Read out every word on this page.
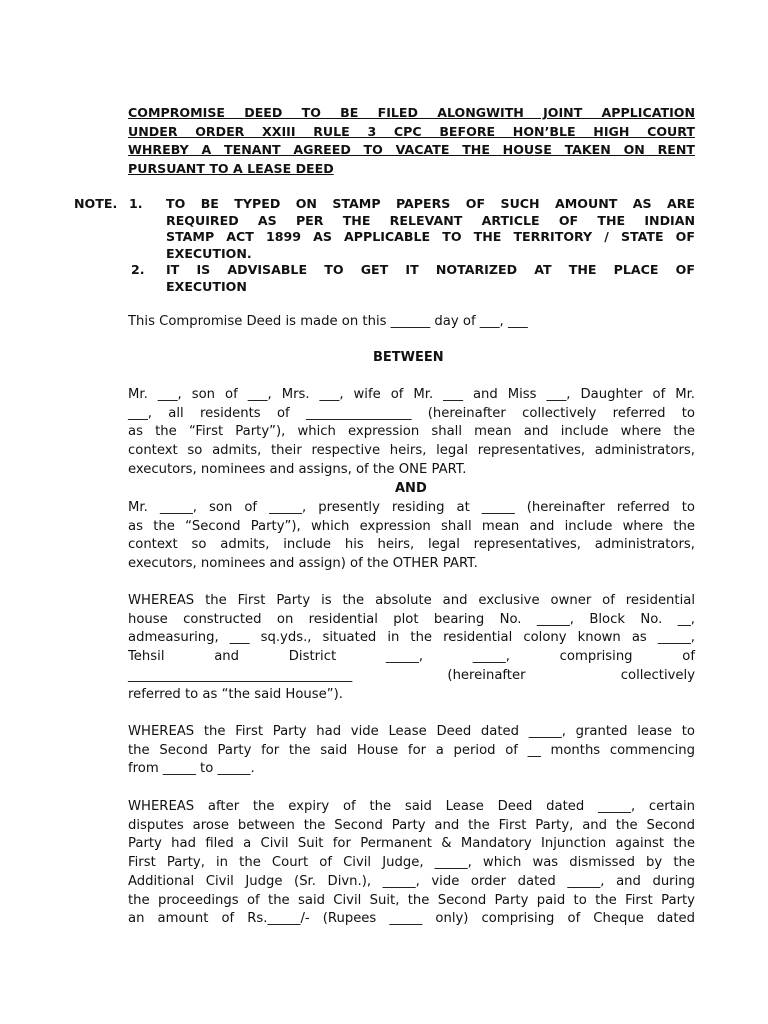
COMPROMISE DEED TO BE FILED ALONGWITH JOINT APPLICATION
UNDER ORDER XXIII RULE 3 CPC BEFORE HON’BLE HIGH COURT
WHREBY A TENANT AGREED TO VACATE THE HOUSE TAKEN ON RENT
PURSUANT TO A LEASE DEED
NOTE. 1. TO BE TYPED ON STAMP PAPERS OF SUCH AMOUNT AS ARE
REQUIRED AS PER THE RELEVANT ARTICLE OF THE INDIAN
STAMP ACT 1899 AS APPLICABLE TO THE TERRITORY / STATE OF
EXECUTION.
2. IT IS ADVISABLE TO GET IT NOTARIZED AT THE PLACE OF
EXECUTION
This Compromise Deed is made on this ______ day of ___, ___
BETWEEN
Mr. ___, son of ___, Mrs. ___, wife of Mr. ___ and Miss ___, Daughter of Mr.
___, all residents of ________________ (hereinafter collectively referred to
as the “First Party”), which expression shall mean and include where the
context so admits, their respective heirs, legal representatives, administrators,
executors, nominees and assigns, of the ONE PART.
AND
Mr. _____, son of _____, presently residing at _____ (hereinafter referred to
as the “Second Party”), which expression shall mean and include where the
context so admits, include his heirs, legal representatives, administrators,
executors, nominees and assign) of the OTHER PART.
WHEREAS the First Party is the absolute and exclusive owner of residential
house constructed on residential plot bearing No. _____, Block No. __,
admeasuring, ___ sq.yds., situated in the residential colony known as _____,
Tehsil and District _____, _____, comprising of
__________________________________ (hereinafter collectively
referred to as “the said House”).
WHEREAS the First Party had vide Lease Deed dated _____, granted lease to
the Second Party for the said House for a period of __ months commencing
from _____ to _____.
WHEREAS after the expiry of the said Lease Deed dated _____, certain
disputes arose between the Second Party and the First Party, and the Second
Party had filed a Civil Suit for Permanent & Mandatory Injunction against the
First Party, in the Court of Civil Judge, _____, which was dismissed by the
Additional Civil Judge (Sr. Divn.), _____, vide order dated _____, and during
the proceedings of the said Civil Suit, the Second Party paid to the First Party
an amount of Rs._____/- (Rupees _____ only) comprising of Cheque dated
